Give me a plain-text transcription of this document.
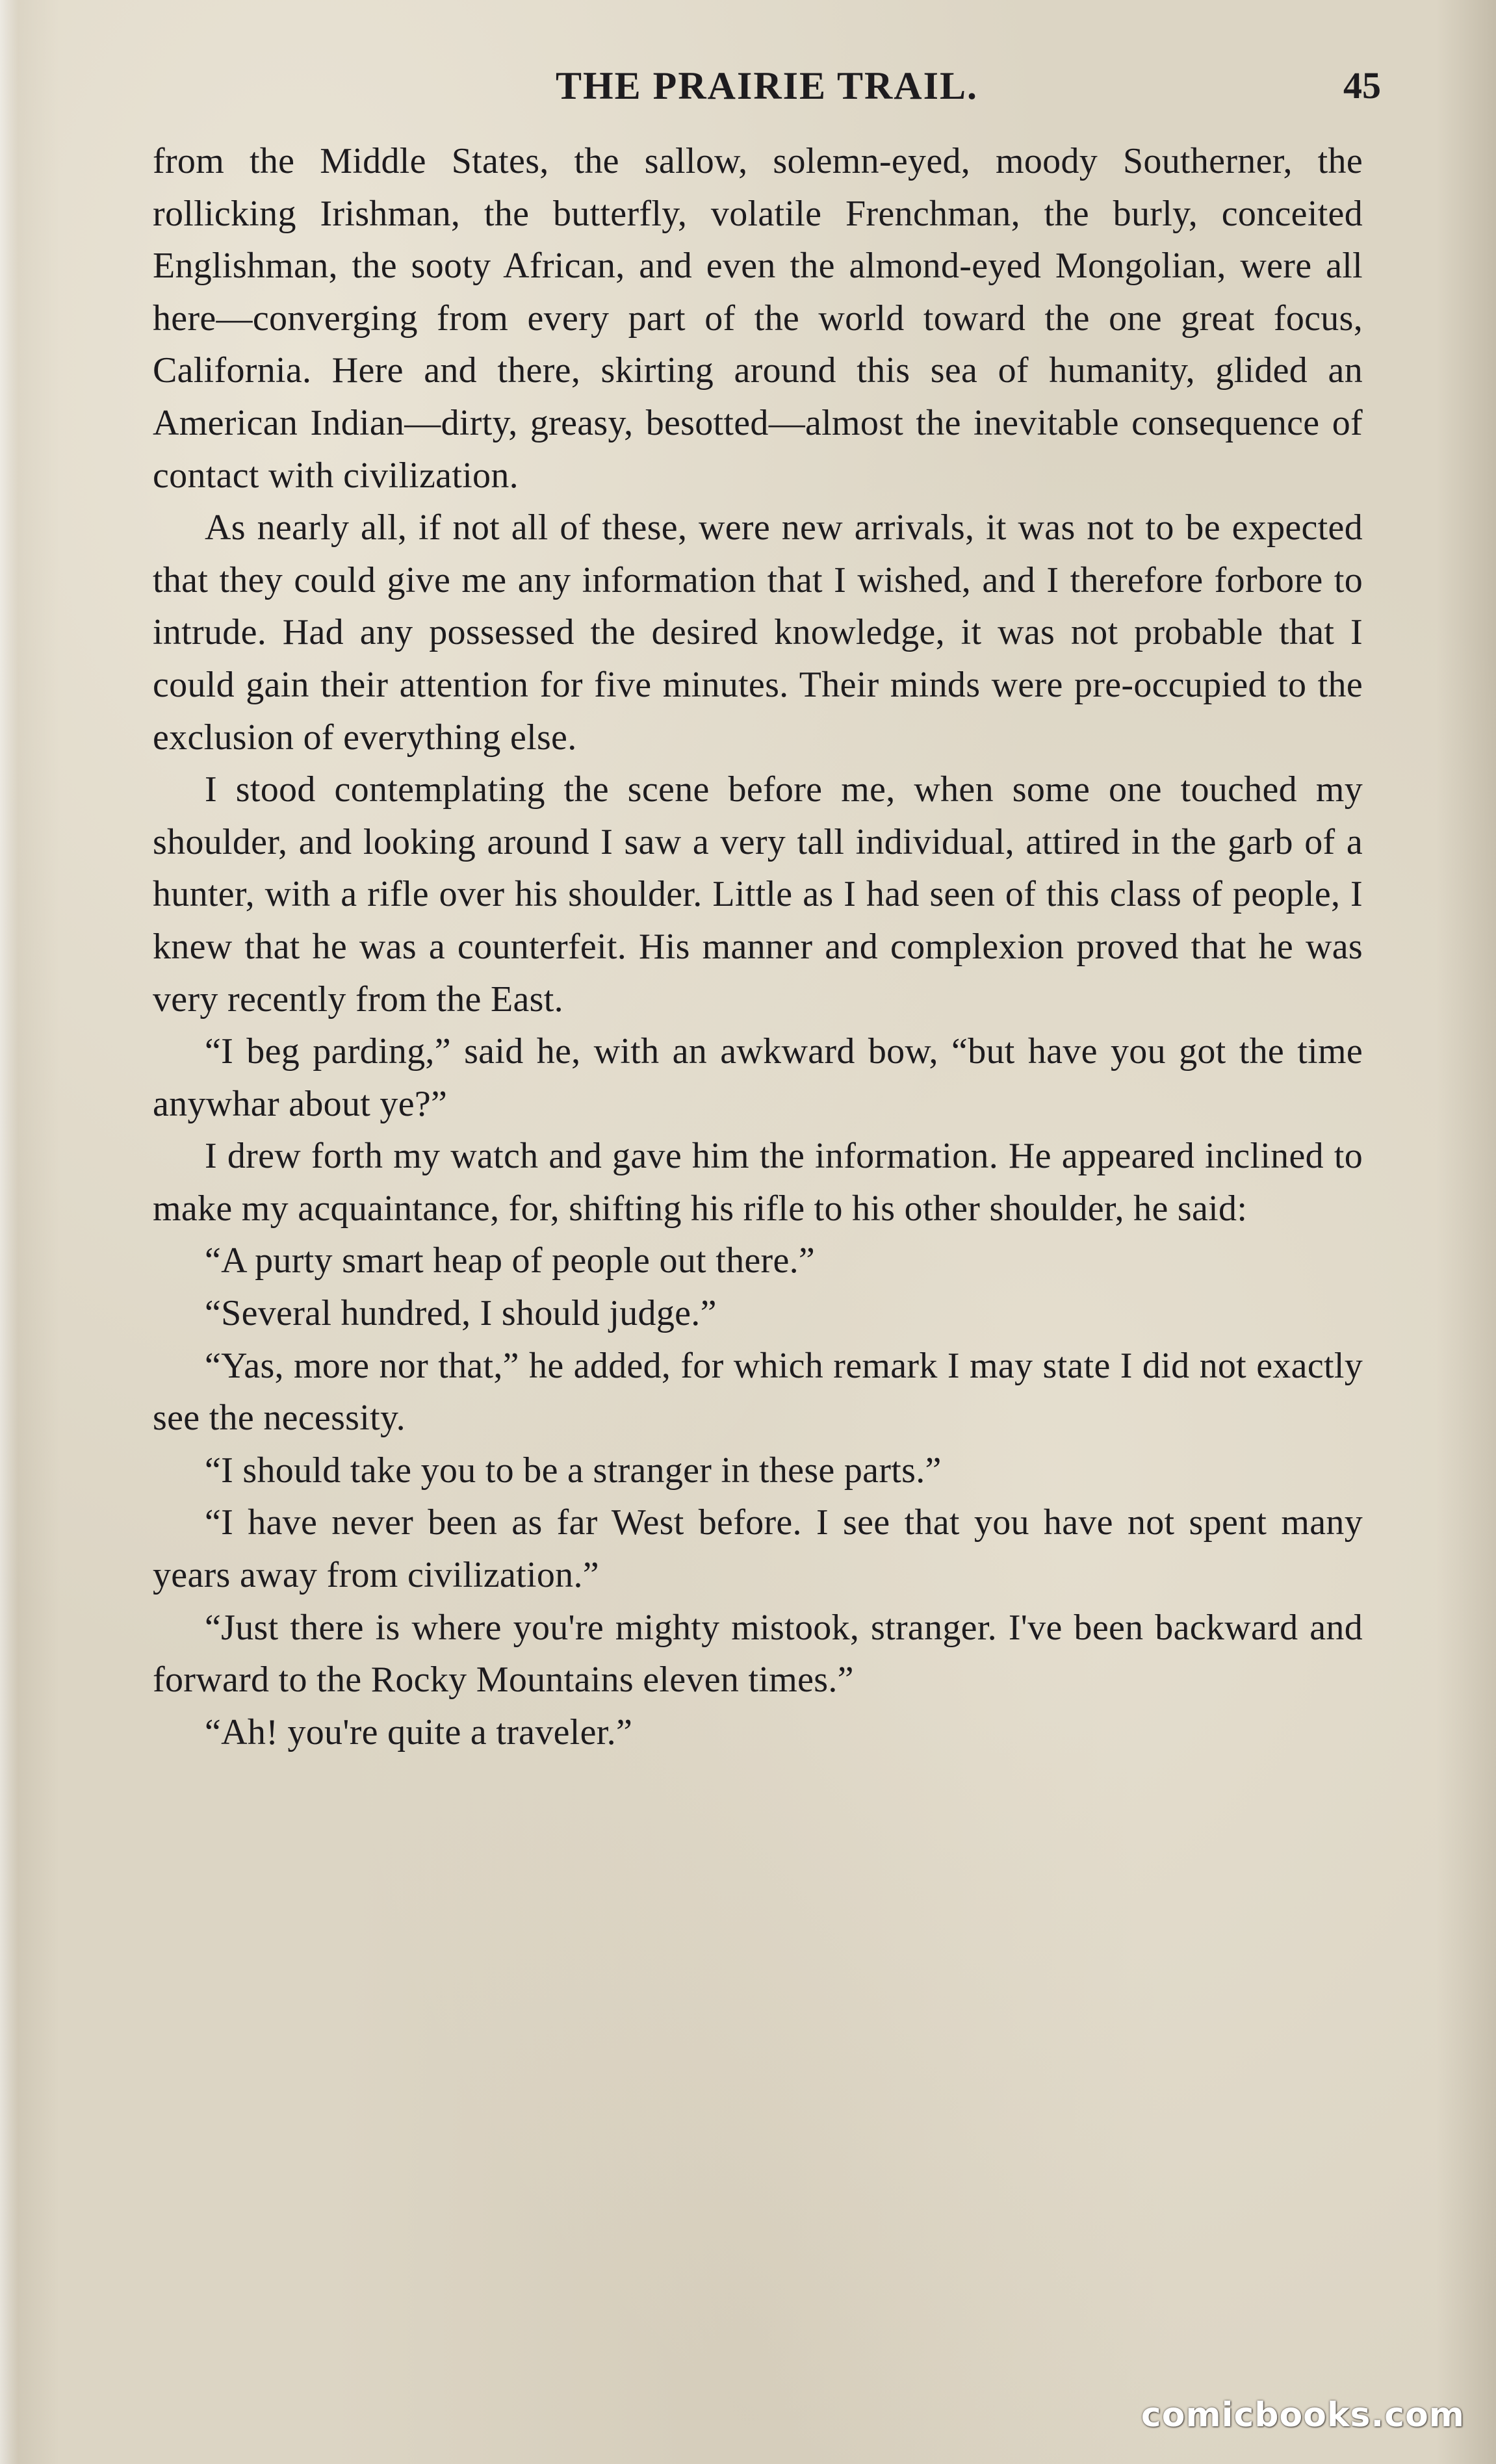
THE PRAIRIE TRAIL.	45

from the Middle States, the sallow, solemn-eyed, moody Southerner, the rollicking Irishman, the butterfly, volatile Frenchman, the burly, conceited Englishman, the sooty African, and even the almond-eyed Mongolian, were all here—converging from every part of the world toward the one great focus, California. Here and there, skirting around this sea of humanity, glided an American Indian—dirty, greasy, besotted—almost the inevitable consequence of contact with civilization.

As nearly all, if not all of these, were new arrivals, it was not to be expected that they could give me any information that I wished, and I therefore forbore to intrude. Had any possessed the desired knowledge, it was not probable that I could gain their attention for five minutes. Their minds were pre-occupied to the exclusion of everything else.

I stood contemplating the scene before me, when some one touched my shoulder, and looking around I saw a very tall individual, attired in the garb of a hunter, with a rifle over his shoulder. Little as I had seen of this class of people, I knew that he was a counterfeit. His manner and complexion proved that he was very recently from the East.

“I beg parding,” said he, with an awkward bow, “but have you got the time anywhar about ye?”

I drew forth my watch and gave him the information. He appeared inclined to make my acquaintance, for, shifting his rifle to his other shoulder, he said:

“A purty smart heap of people out there.”

“Several hundred, I should judge.”

“Yas, more nor that,” he added, for which remark I may state I did not exactly see the necessity.

“I should take you to be a stranger in these parts.”

“I have never been as far West before. I see that you have not spent many years away from civilization.”

“Just there is where you're mighty mistook, stranger. I've been backward and forward to the Rocky Mountains eleven times.”

“Ah! you're quite a traveler.”

comicbooks.com
